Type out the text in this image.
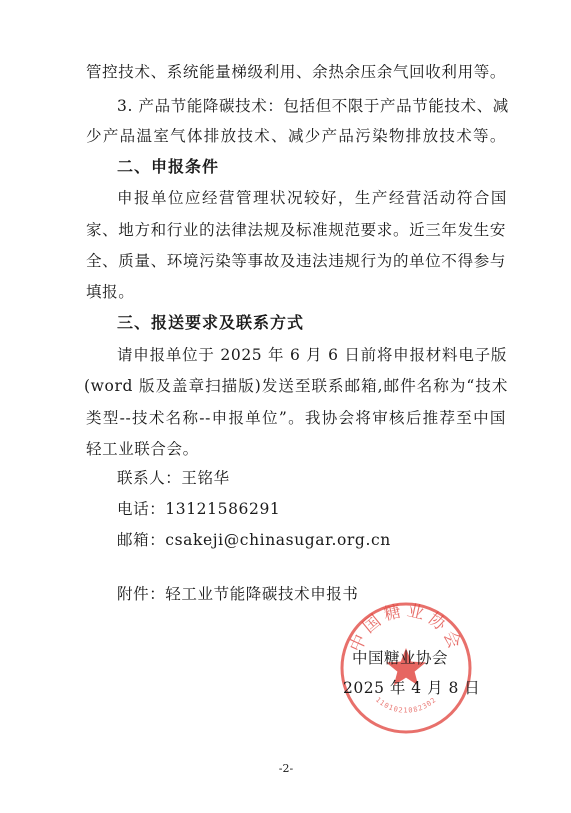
管控技术、系统能量梯级利用、余热余压余气回收利用等。
3. 产品节能降碳技术：包括但不限于产品节能技术、减
少产品温室气体排放技术、减少产品污染物排放技术等。
二、申报条件
申报单位应经营管理状况较好，生产经营活动符合国
家、地方和行业的法律法规及标准规范要求。近三年发生安
全、质量、环境污染等事故及违法违规行为的单位不得参与
填报。
三、报送要求及联系方式
请申报单位于 2025 年 6 月 6 日前将申报材料电子版
(word 版及盖章扫描版)发送至联系邮箱,邮件名称为“技术
类型--技术名称--申报单位”。我协会将审核后推荐至中国
轻工业联合会。
联系人：王铭华
电话：13121586291
邮箱：csakeji@chinasugar.org.cn
附件：轻工业节能降碳技术申报书
中国糖业协会
1101021082302
中国糖业协会
2025 年 4 月 8 日
-2-
